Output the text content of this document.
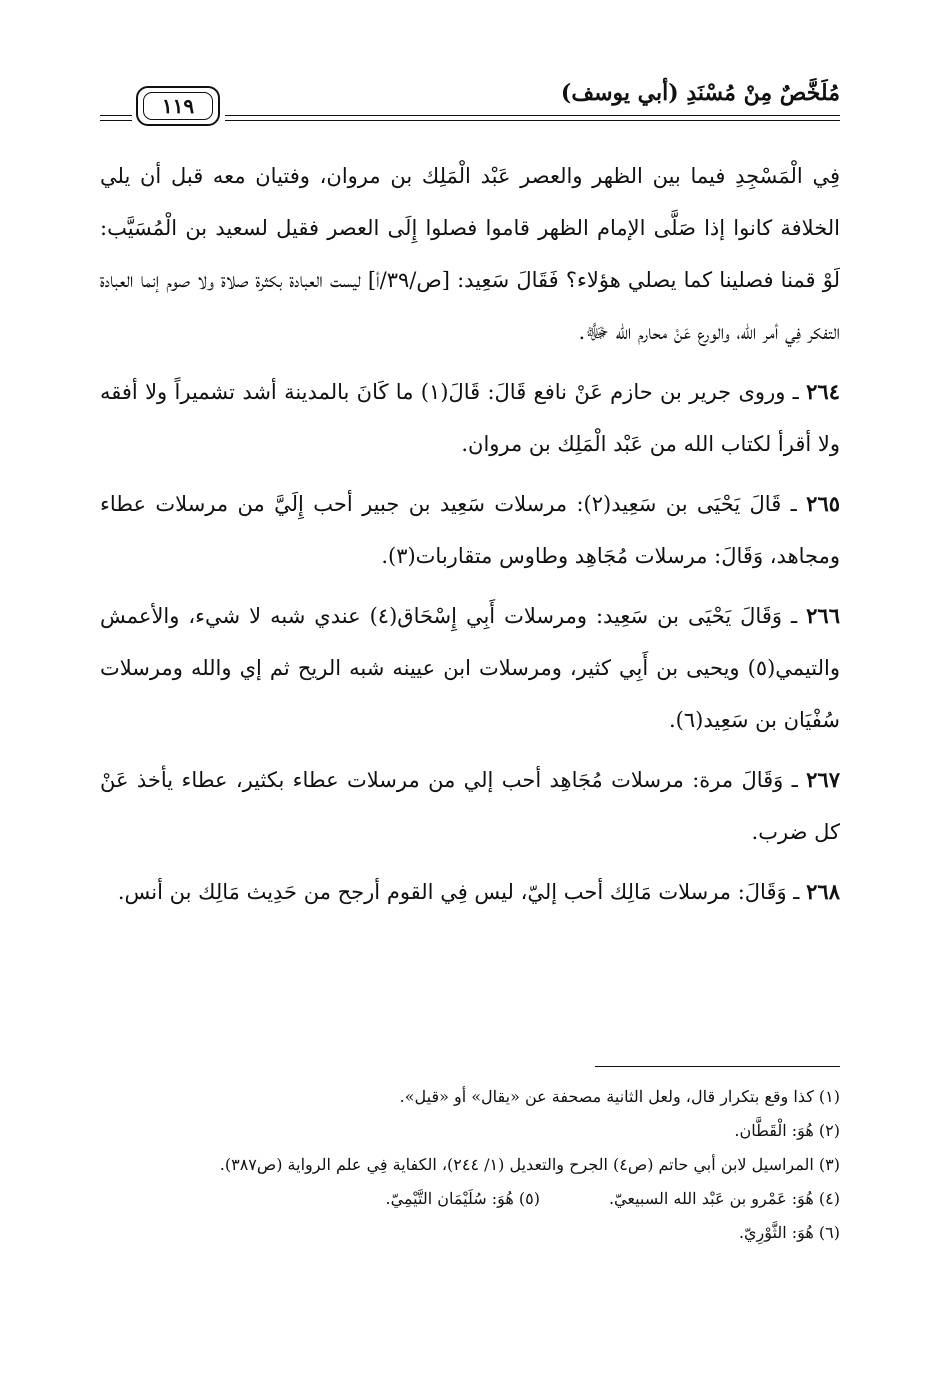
مُلَخَّصٌ مِنْ مُسْنَدِ (أبي يوسف)
١١٩

فِي الْمَسْجِدِ فيما بين الظهر والعصر عَبْد الْمَلِك بن مروان، وفتيان معه قبل أن يلي الخلافة كانوا إذا صَلَّى الإمام الظهر قاموا فصلوا إِلَى العصر فقيل لسعيد بن الْمُسَيَّب: لَوْ قمنا فصلينا كما يصلي هؤلاء؟ فَقَالَ سَعِيد: [ص/٣٩/أ] ليست العبادة بكثرة صلاة ولا صوم إنما العبادة التفكر فِي أمر الله، والورع عَنْ محارم الله ﷻ.

٢٦٤ ـ وروى جرير بن حازم عَنْ نافع قَالَ: قَالَ(١) ما كَانَ بالمدينة أشد تشميراً ولا أفقه ولا أقرأ لكتاب الله من عَبْد الْمَلِك بن مروان.

٢٦٥ ـ قَالَ يَحْيَى بن سَعِيد(٢): مرسلات سَعِيد بن جبير أحب إِلَيَّ من مرسلات عطاء ومجاهد، وَقَالَ: مرسلات مُجَاهِد وطاوس متقاربات(٣).

٢٦٦ ـ وَقَالَ يَحْيَى بن سَعِيد: ومرسلات أَبِي إِسْحَاق(٤) عندي شبه لا شيء، والأعمش والتيمي(٥) ويحيى بن أَبِي كثير، ومرسلات ابن عيينه شبه الريح ثم إي والله ومرسلات سُفْيَان بن سَعِيد(٦).

٢٦٧ ـ وَقَالَ مرة: مرسلات مُجَاهِد أحب إلي من مرسلات عطاء بكثير، عطاء يأخذ عَنْ كل ضرب.

٢٦٨ ـ وَقَالَ: مرسلات مَالِك أحب إليّ، ليس فِي القوم أرجح من حَدِيث مَالِك بن أنس.

(١) كذا وقع بتكرار قال، ولعل الثانية مصحفة عن «يقال» أو «قيل».

(٢) هُوَ: الْقَطَّان.

(٣) المراسيل لابن أبي حاتم (ص٤) الجرح والتعديل (١/ ٢٤٤)، الكفاية فِي علم الرواية (ص٣٨٧).

(٤) هُوَ: عَمْرو بن عَبْد الله السبيعيّ.
(٥) هُوَ: سُلَيْمَان التَّيْمِيّ.

(٦) هُوَ: الثَّوْرِيّ.
